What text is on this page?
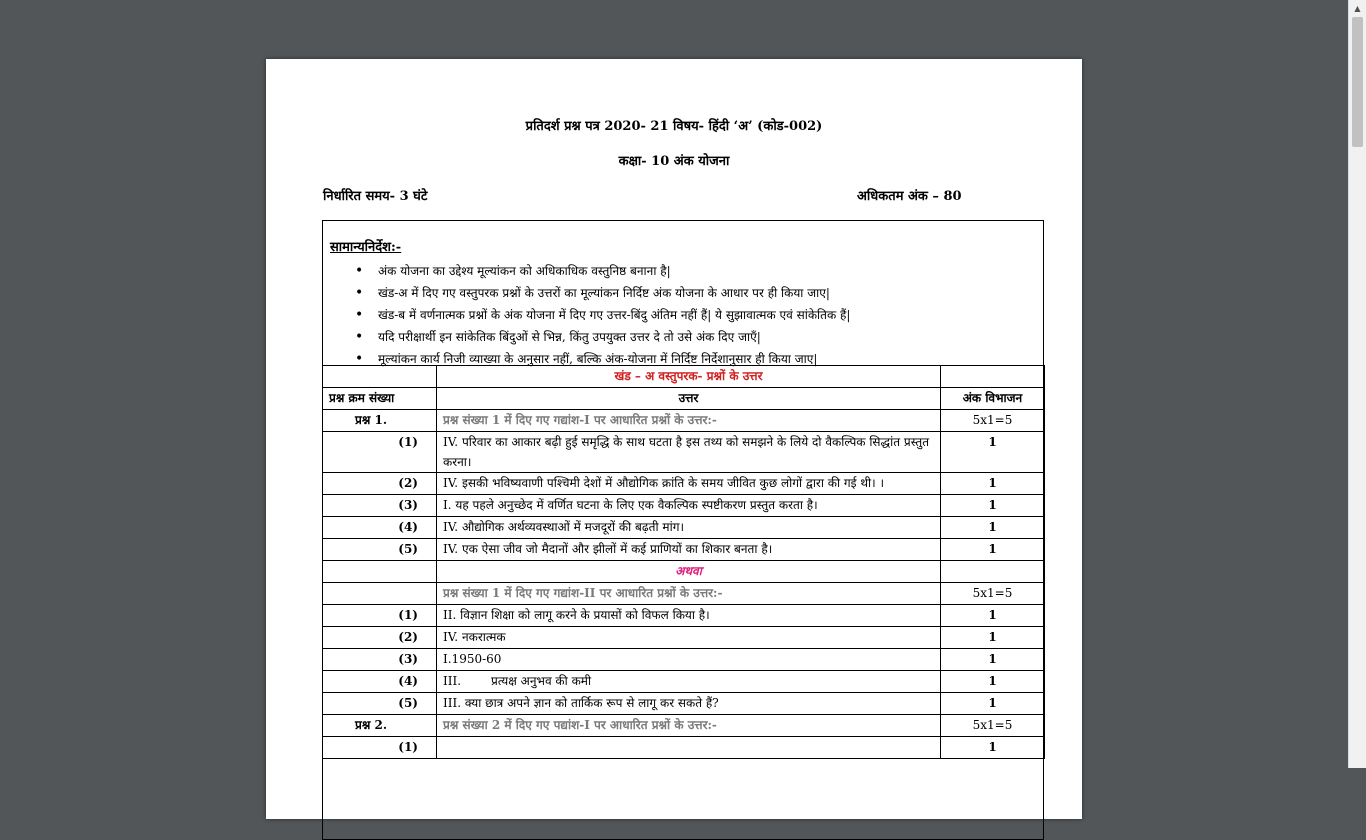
▲
प्रतिदर्श प्रश्न पत्र 2020- 21 विषय- हिंदी ‘अ’ (कोड-002)
कक्षा- 10 अंक योजना
निर्धारित समय- 3 घंटे	अधिकतम अंक – 80
सामान्यनिर्देश:-
• अंक योजना का उद्देश्य मूल्यांकन को अधिकाधिक वस्तुनिष्ठ बनाना है|
• खंड-अ में दिए गए वस्तुपरक प्रश्नों के उत्तरों का मूल्यांकन निर्दिष्ट अंक योजना के आधार पर ही किया जाए|
• खंड-ब में वर्णनात्मक प्रश्नों के अंक योजना में दिए गए उत्तर-बिंदु अंतिम नहीं हैं| ये सुझावात्मक एवं सांकेतिक हैं|
• यदि परीक्षार्थी इन सांकेतिक बिंदुओं से भिन्न, किंतु उपयुक्त उत्तर दे तो उसे अंक दिए जाएँ|
• मूल्यांकन कार्य निजी व्याख्या के अनुसार नहीं, बल्कि अंक-योजना में निर्दिष्ट निर्देशानुसार ही किया जाए|
	खंड – अ वस्तुपरक- प्रश्नों के उत्तर	
प्रश्न क्रम संख्या	उत्तर	अंक विभाजन
प्रश्न 1.	प्रश्न संख्या 1 में दिए गए गद्यांश-I पर आधारित प्रश्नों के उत्तर:-	5x1=5
(1)	IV. परिवार का आकार बढ़ी हुई समृद्धि के साथ घटता है इस तथ्य को समझने के लिये दो वैकल्पिक सिद्धांत प्रस्तुत करना।	1
(2)	IV. इसकी भविष्यवाणी पश्चिमी देशों में औद्योगिक क्रांति के समय जीवित कुछ लोगों द्वारा की गई थी। ।	1
(3)	I. यह पहले अनुच्छेद में वर्णित घटना के लिए एक वैकल्पिक स्पष्टीकरण प्रस्तुत करता है।	1
(4)	IV. औद्योगिक अर्थव्यवस्थाओं में मजदूरों की बढ़ती मांग।	1
(5)	IV. एक ऐसा जीव जो मैदानों और झीलों में कई प्राणियों का शिकार बनता है।	1
	अथवा	
	प्रश्न संख्या 1 में दिए गए गद्यांश-II पर आधारित प्रश्नों के उत्तर:-	5x1=5
(1)	II. विज्ञान शिक्षा को लागू करने के प्रयासों को विफल किया है।	1
(2)	IV. नकरात्मक	1
(3)	I.1950-60	1
(4)	III. प्रत्यक्ष अनुभव की कमी	1
(5)	III. क्या छात्र अपने ज्ञान को तार्किक रूप से लागू कर सकते हैं?	1
प्रश्न 2.	प्रश्न संख्या 2 में दिए गए पद्यांश-I पर आधारित प्रश्नों के उत्तर:-	5x1=5
(1)		1
